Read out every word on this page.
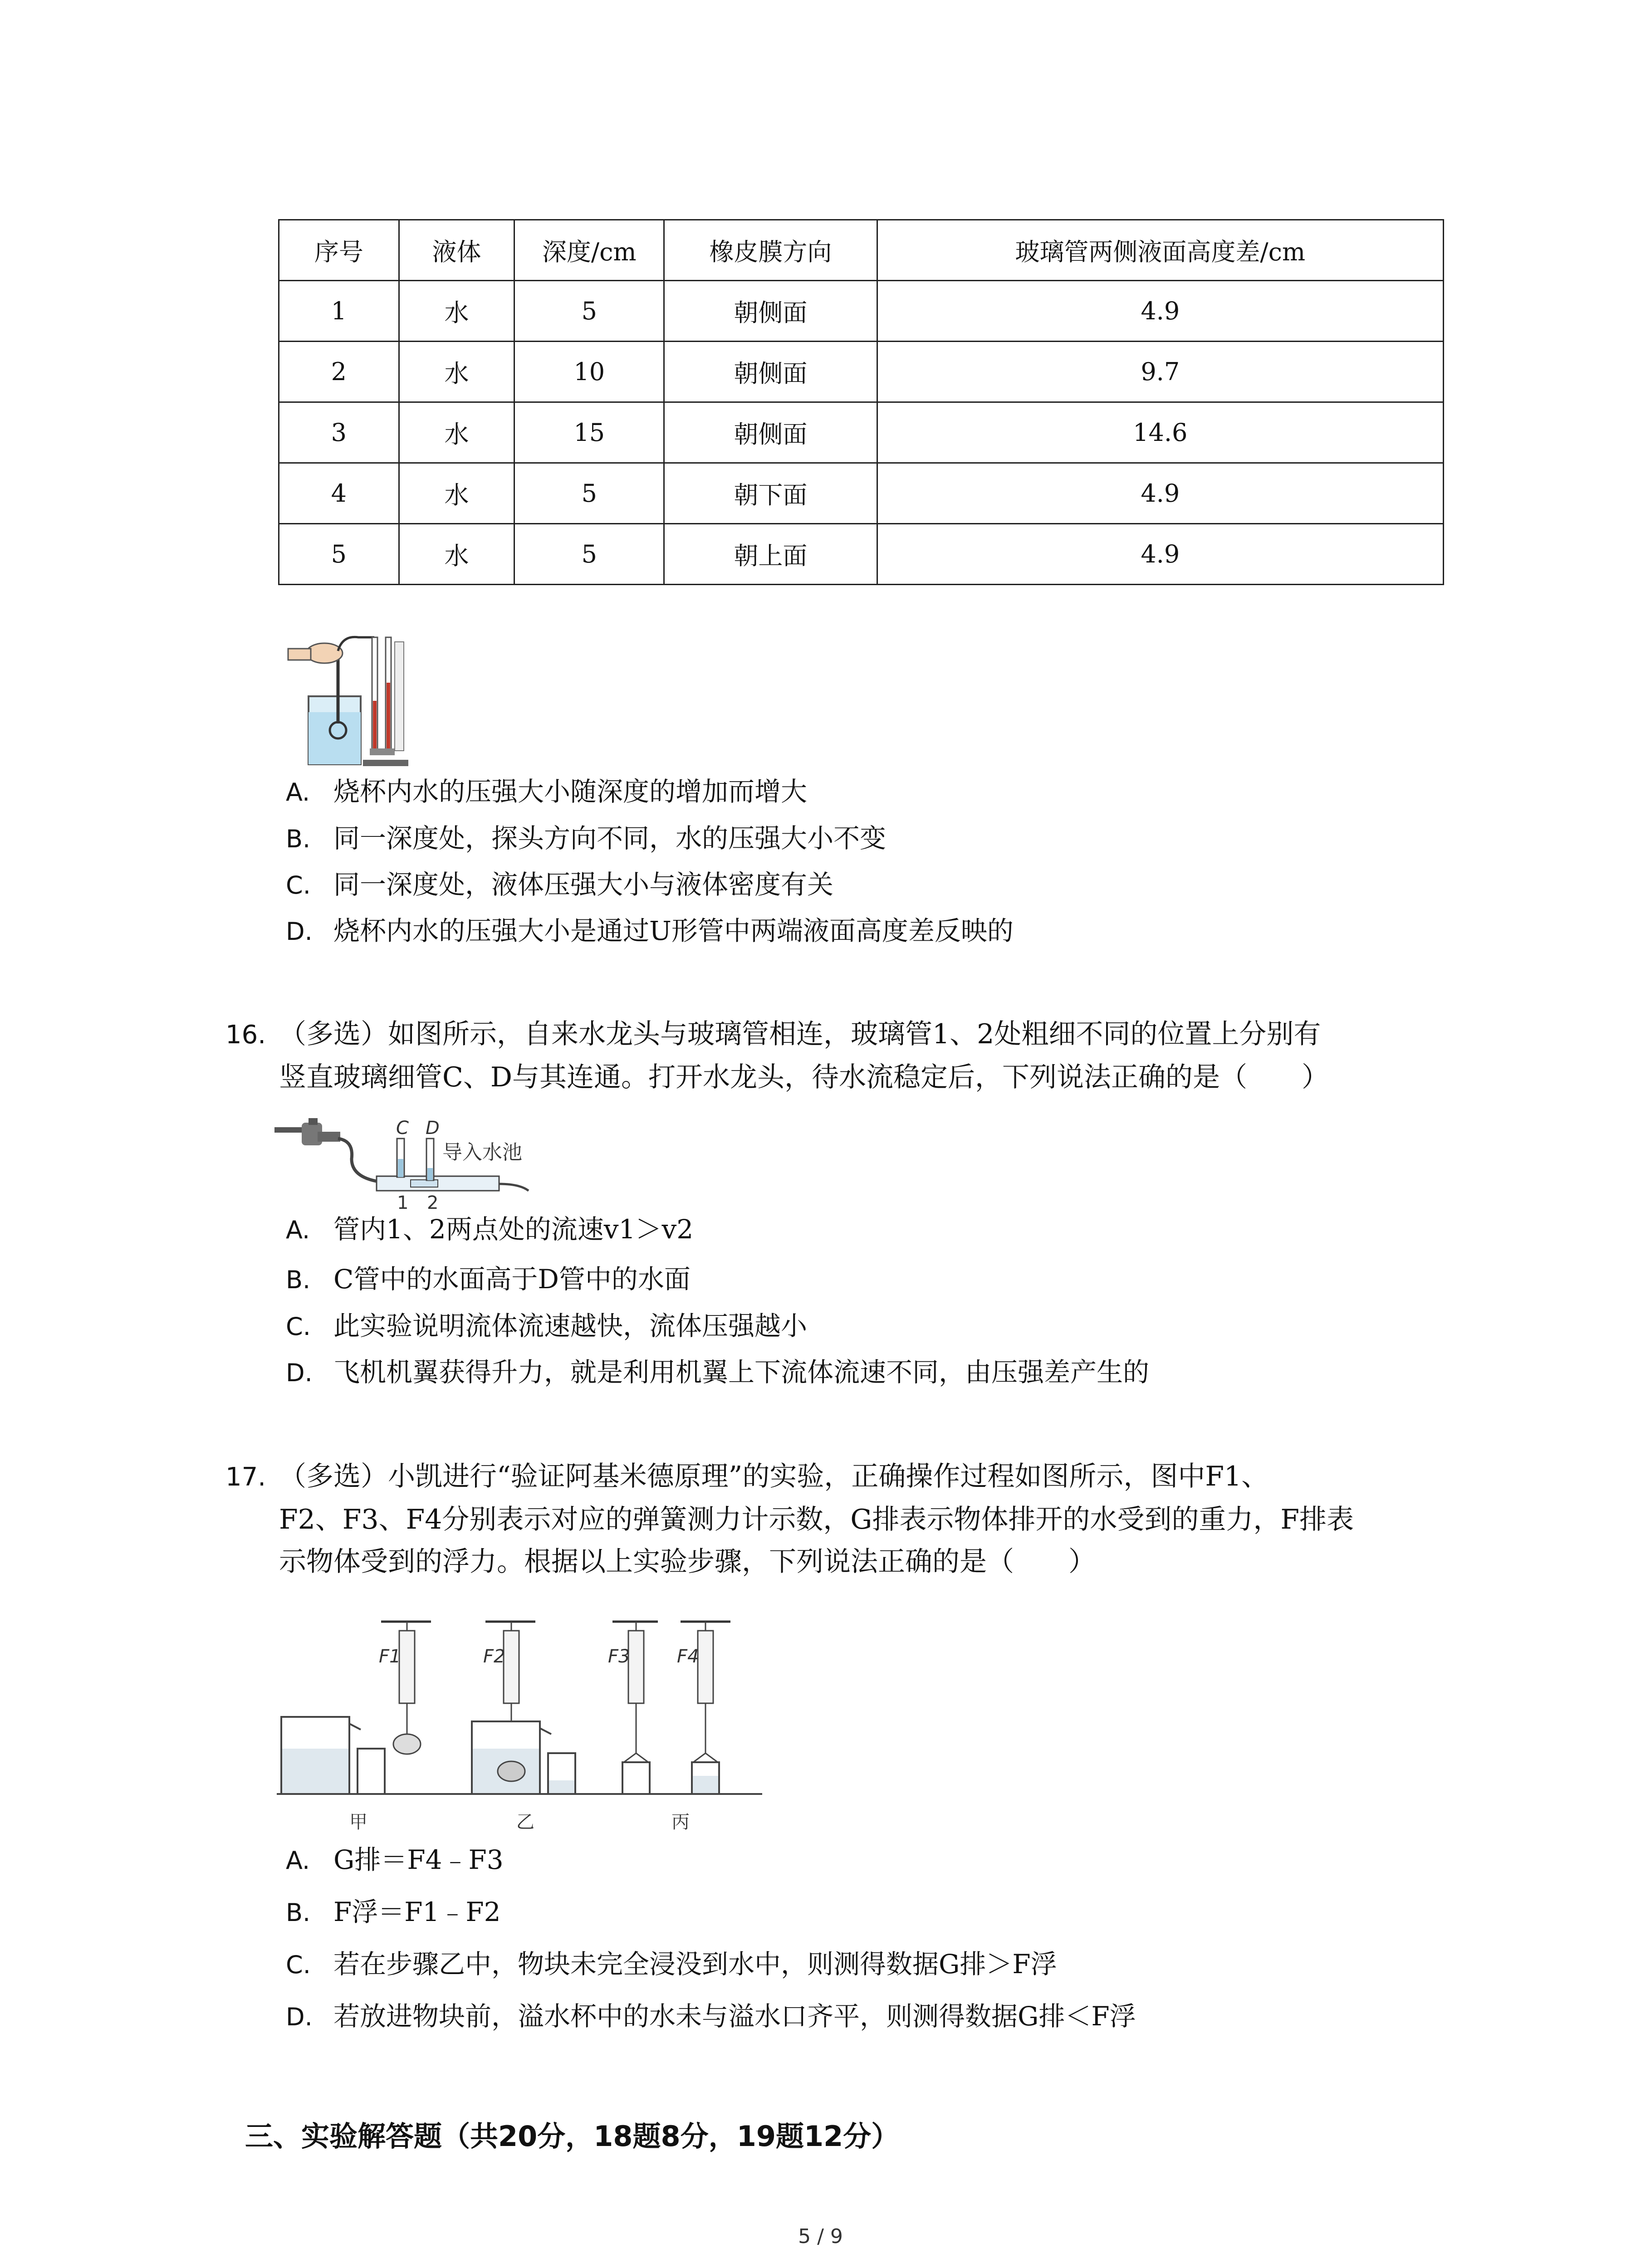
序号	液体	深度/cm	橡皮膜方向	玻璃管两侧液面高度差/cm
1	水	5	朝侧面	4.9
2	水	10	朝侧面	9.7
3	水	15	朝侧面	14.6
4	水	5	朝下面	4.9
5	水	5	朝上面	4.9
A. 烧杯内水的压强大小随深度的增加而增大
B. 同一深度处，探头方向不同，水的压强大小不变
C. 同一深度处，液体压强大小与液体密度有关
D. 烧杯内水的压强大小是通过U形管中两端液面高度差反映的
16. （多选）如图所示，自来水龙头与玻璃管相连，玻璃管1、2处粗细不同的位置上分别有
竖直玻璃细管C、D与其连通。打开水龙头，待水流稳定后，下列说法正确的是（　　）
C D
导入水池
1 2
A. 管内1、2两点处的流速v1＞v2
B. C管中的水面高于D管中的水面
C. 此实验说明流体流速越快，流体压强越小
D. 飞机机翼获得升力，就是利用机翼上下流体流速不同，由压强差产生的
17. （多选）小凯进行“验证阿基米德原理”的实验，正确操作过程如图所示，图中F1、
F2、F3、F4分别表示对应的弹簧测力计示数，G排表示物体排开的水受到的重力，F排表
示物体受到的浮力。根据以上实验步骤，下列说法正确的是（　　）
F1	F2	F3	F4
甲	乙	丙
A. G排＝F4﹣F3
B. F浮＝F1﹣F2
C. 若在步骤乙中，物块未完全浸没到水中，则测得数据G排＞F浮
D. 若放进物块前，溢水杯中的水未与溢水口齐平，则测得数据G排＜F浮
三、实验解答题（共20分，18题8分，19题12分）
5 / 9
